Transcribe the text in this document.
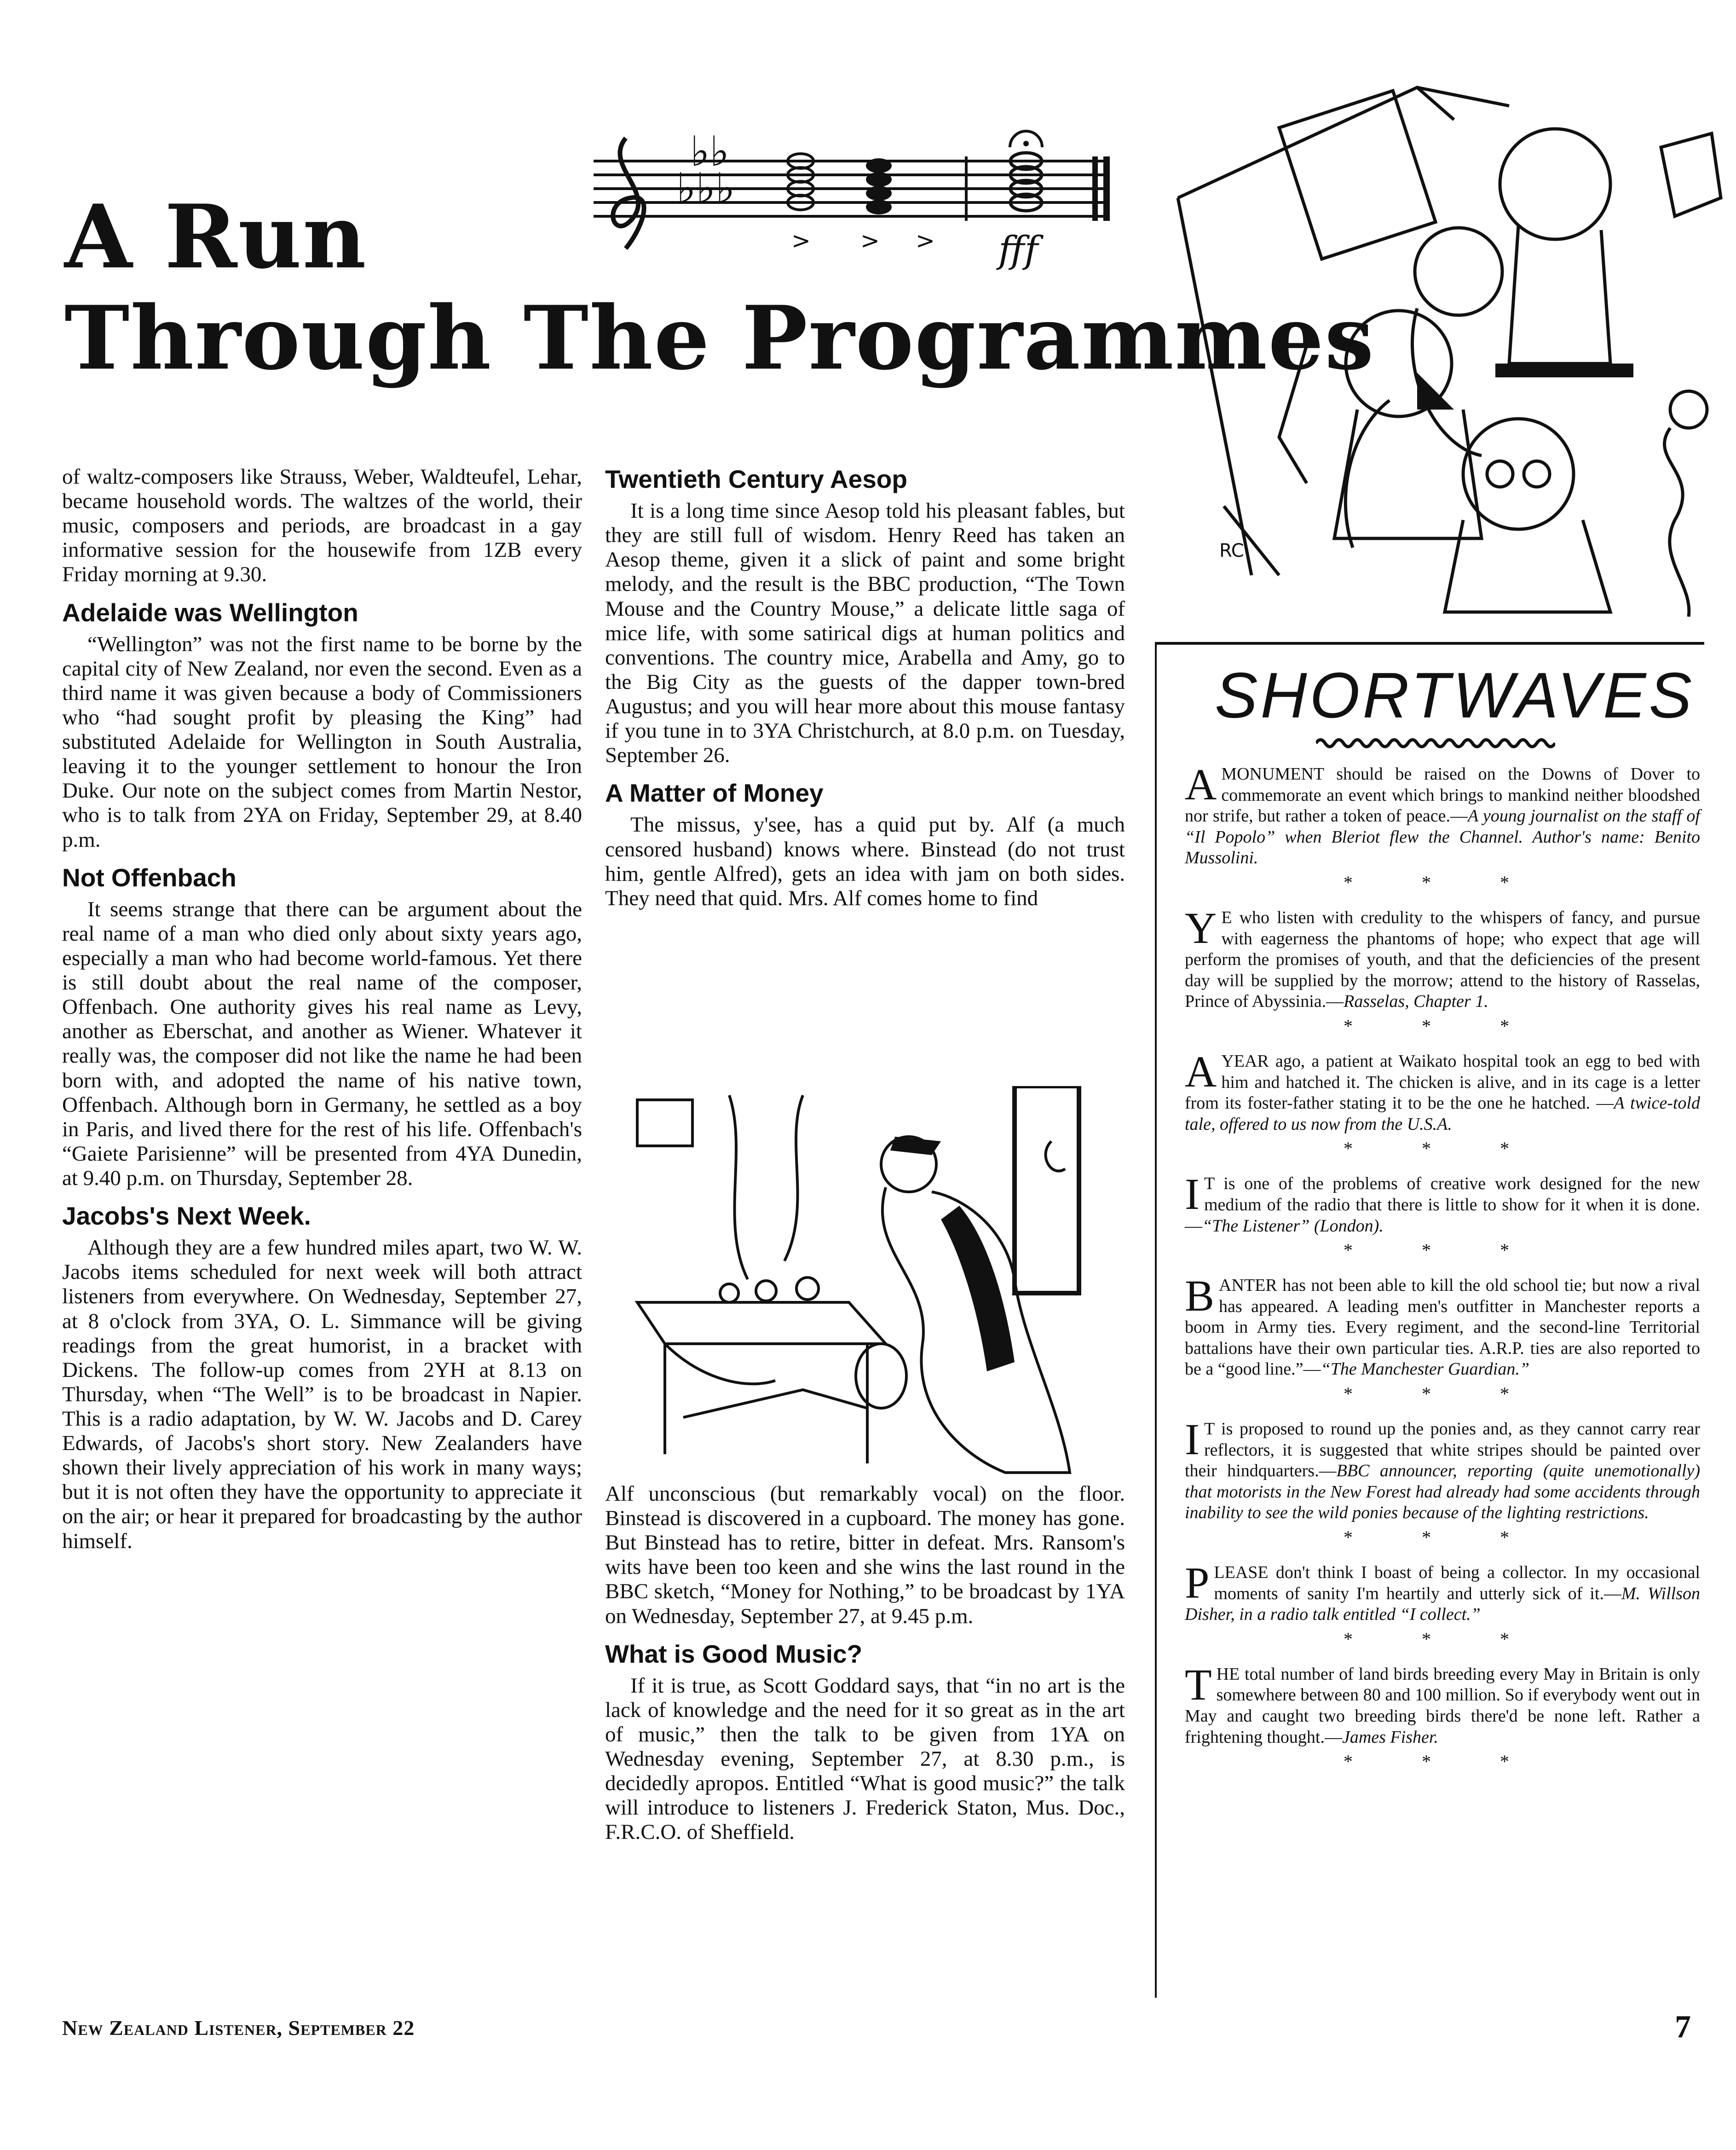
A Run
Through The Programmes
♭♭
♭♭♭
> > > fff
RC

of waltz-composers like Strauss, Weber, Waldteufel, Lehar, became household words. The waltzes of the world, their music, composers and periods, are broadcast in a gay informative session for the housewife from 1ZB every Friday morning at 9.30.

Adelaide was Wellington

“Wellington” was not the first name to be borne by the capital city of New Zealand, nor even the second. Even as a third name it was given because a body of Commissioners who “had sought profit by pleasing the King” had substituted Adelaide for Wellington in South Australia, leaving it to the younger settlement to honour the Iron Duke. Our note on the subject comes from Martin Nestor, who is to talk from 2YA on Friday, September 29, at 8.40 p.m.

Not Offenbach

It seems strange that there can be argument about the real name of a man who died only about sixty years ago, especially a man who had become world-famous. Yet there is still doubt about the real name of the composer, Offenbach. One authority gives his real name as Levy, another as Eberschat, and another as Wiener. Whatever it really was, the composer did not like the name he had been born with, and adopted the name of his native town, Offenbach. Although born in Germany, he settled as a boy in Paris, and lived there for the rest of his life. Offenbach's “Gaiete Parisienne” will be presented from 4YA Dunedin, at 9.40 p.m. on Thursday, September 28.

Jacobs's Next Week.

Although they are a few hundred miles apart, two W. W. Jacobs items scheduled for next week will both attract listeners from everywhere. On Wednesday, September 27, at 8 o'clock from 3YA, O. L. Simmance will be giving readings from the great humorist, in a bracket with Dickens. The follow-up comes from 2YH at 8.13 on Thursday, when “The Well” is to be broadcast in Napier. This is a radio adaptation, by W. W. Jacobs and D. Carey Edwards, of Jacobs's short story. New Zealanders have shown their lively appreciation of his work in many ways; but it is not often they have the opportunity to appreciate it on the air; or hear it prepared for broadcasting by the author himself.

Twentieth Century Aesop

It is a long time since Aesop told his pleasant fables, but they are still full of wisdom. Henry Reed has taken an Aesop theme, given it a slick of paint and some bright melody, and the result is the BBC production, “The Town Mouse and the Country Mouse,” a delicate little saga of mice life, with some satirical digs at human politics and conventions. The country mice, Arabella and Amy, go to the Big City as the guests of the dapper town-bred Augustus; and you will hear more about this mouse fantasy if you tune in to 3YA Christchurch, at 8.0 p.m. on Tuesday, September 26.

A Matter of Money

The missus, y'see, has a quid put by. Alf (a much censored husband) knows where. Binstead (do not trust him, gentle Alfred), gets an idea with jam on both sides. They need that quid. Mrs. Alf comes home to find

Alf unconscious (but remarkably vocal) on the floor. Binstead is discovered in a cupboard. The money has gone. But Binstead has to retire, bitter in defeat. Mrs. Ransom's wits have been too keen and she wins the last round in the BBC sketch, “Money for Nothing,” to be broadcast by 1YA on Wednesday, September 27, at 9.45 p.m.

What is Good Music?

If it is true, as Scott Goddard says, that “in no art is the lack of knowledge and the need for it so great as in the art of music,” then the talk to be given from 1YA on Wednesday evening, September 27, at 8.30 p.m., is decidedly apropos. Entitled “What is good music?” the talk will introduce to listeners J. Frederick Staton, Mus. Doc., F.R.C.O. of Sheffield.

SHORTWAVES
A MONUMENT should be raised on the Downs of Dover to commemorate an event which brings to mankind neither bloodshed nor strife, but rather a token of peace.—A young journalist on the staff of “Il Popolo” when Bleriot flew the Channel. Author's name: Benito Mussolini.
* * *
YE who listen with credulity to the whispers of fancy, and pursue with eagerness the phantoms of hope; who expect that age will perform the promises of youth, and that the deficiencies of the present day will be supplied by the morrow; attend to the history of Rasselas, Prince of Abyssinia.—Rasselas, Chapter 1.
* * *
AYEAR ago, a patient at Waikato hospital took an egg to bed with him and hatched it. The chicken is alive, and in its cage is a letter from its foster-father stating it to be the one he hatched. —A twice-told tale, offered to us now from the U.S.A.
* * *
IT is one of the problems of creative work designed for the new medium of the radio that there is little to show for it when it is done.—“The Listener” (London).
* * *
BANTER has not been able to kill the old school tie; but now a rival has appeared. A leading men's outfitter in Manchester reports a boom in Army ties. Every regiment, and the second-line Territorial battalions have their own particular ties. A.R.P. ties are also reported to be a “good line.”—“The Manchester Guardian.”
* * *
IT is proposed to round up the ponies and, as they cannot carry rear reflectors, it is suggested that white stripes should be painted over their hindquarters.—BBC announcer, reporting (quite unemotionally) that motorists in the New Forest had already had some accidents through inability to see the wild ponies because of the lighting restrictions.
* * *
PLEASE don't think I boast of being a collector. In my occasional moments of sanity I'm heartily and utterly sick of it.—M. Willson Disher, in a radio talk entitled “I collect.”
* * *
THE total number of land birds breeding every May in Britain is only somewhere between 80 and 100 million. So if everybody went out in May and caught two breeding birds there'd be none left. Rather a frightening thought.—James Fisher.
* * *
New Zealand Listener, September 22	7
